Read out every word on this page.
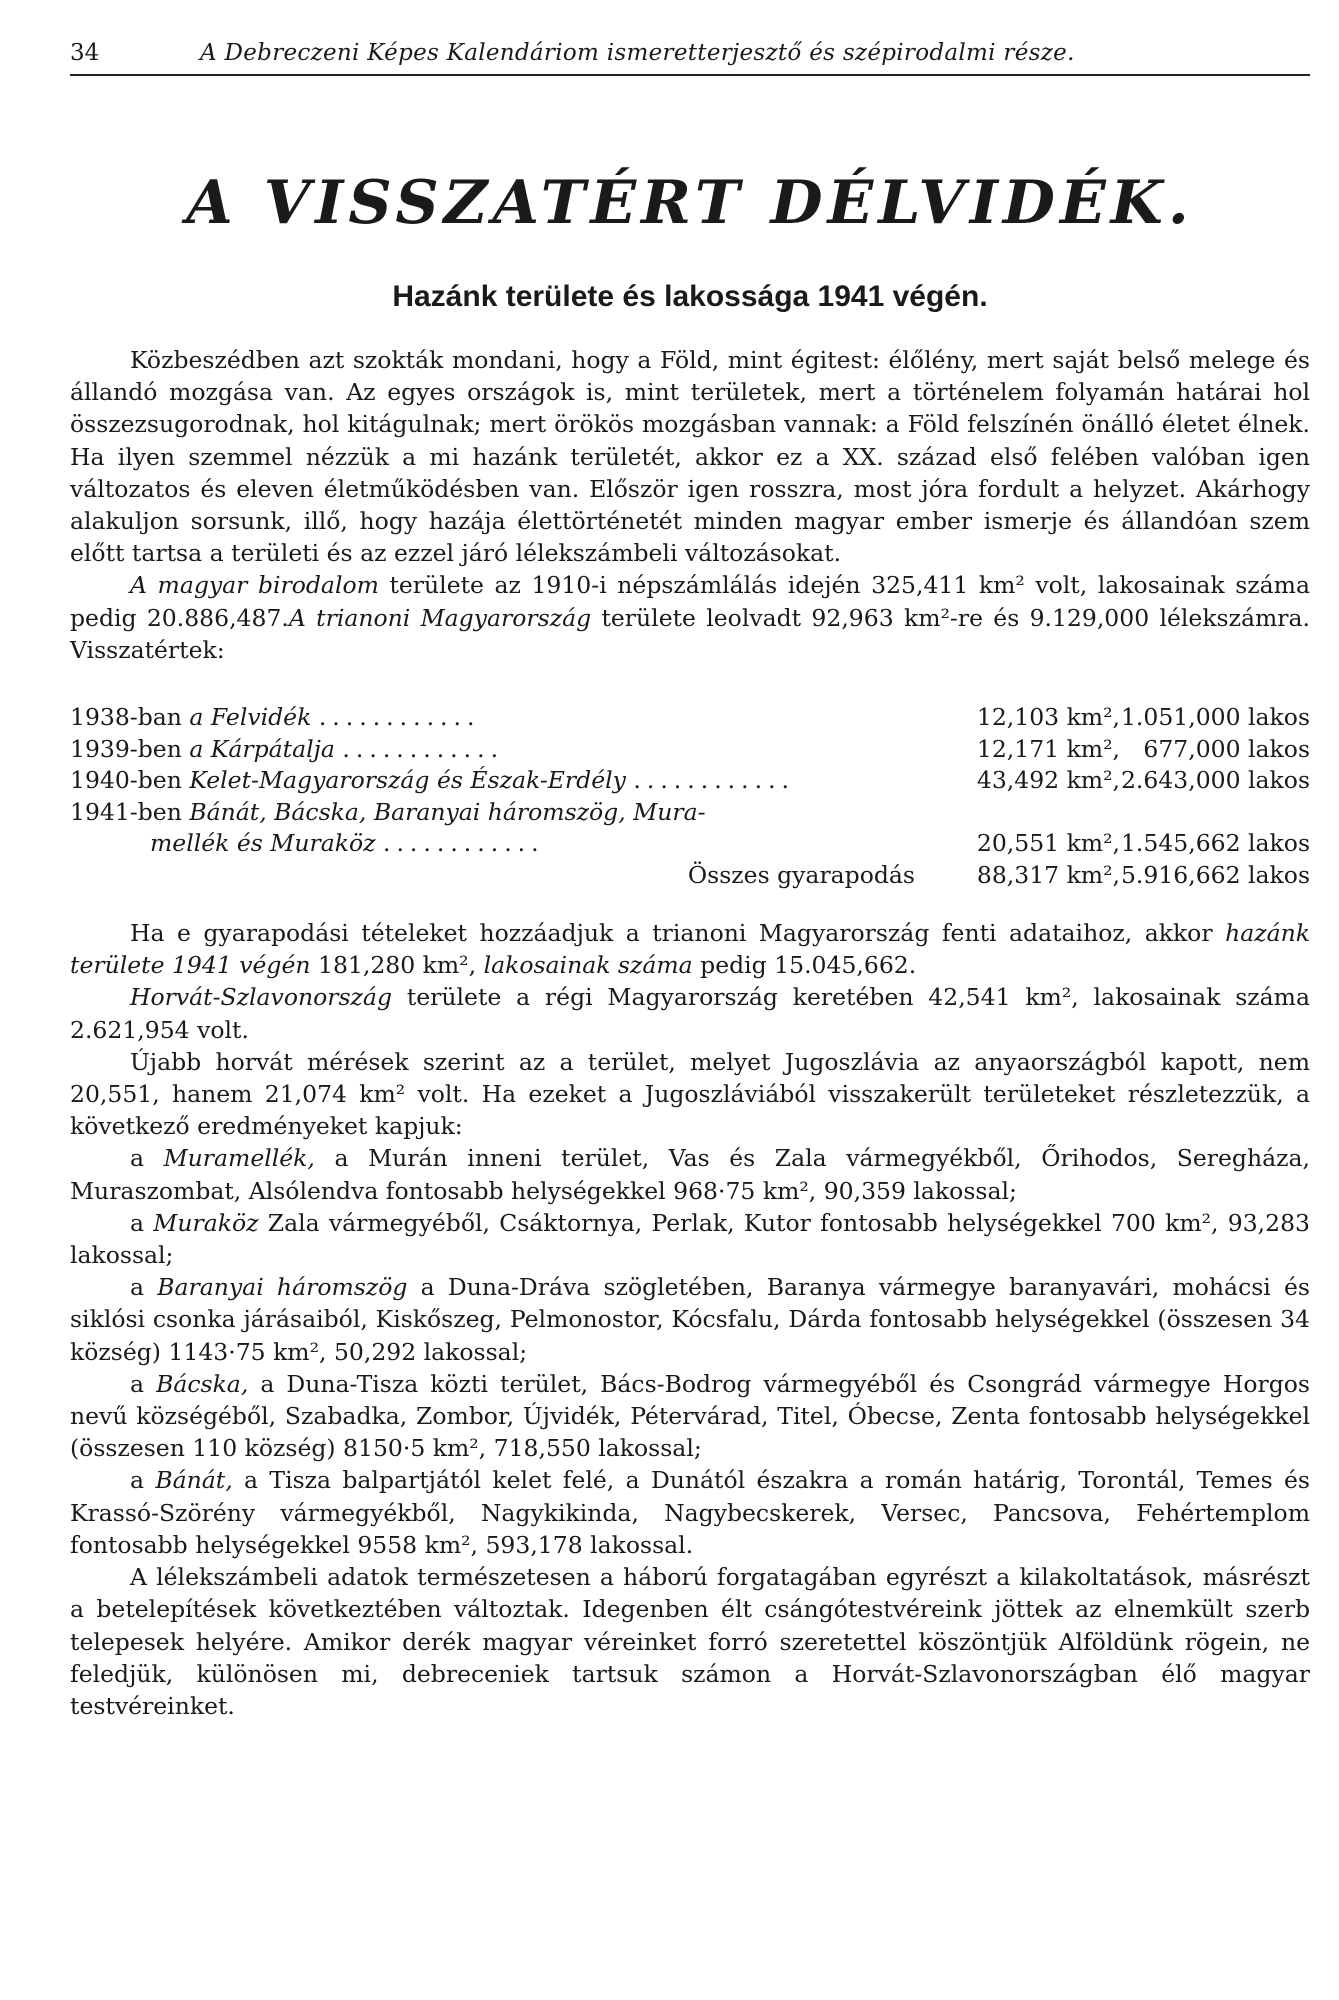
34	A Debreczeni Képes Kalendáriom ismeretterjesztő és szépirodalmi része.
A VISSZATÉRT DÉLVIDÉK.
Hazánk területe és lakossága 1941 végén.

Közbeszédben azt szokták mondani, hogy a Föld, mint égitest: élőlény, mert saját belső melege és állandó mozgása van. Az egyes országok is, mint területek, mert a történelem folyamán határai hol összezsugorodnak, hol kitágulnak; mert örökös mozgásban vannak: a Föld felszínén önálló életet élnek. Ha ilyen szemmel nézzük a mi hazánk területét, akkor ez a XX. század első felében valóban igen változatos és eleven életműködésben van. Először igen rosszra, most jóra fordult a helyzet. Akárhogy alakuljon sorsunk, illő, hogy hazája élettörténetét minden magyar ember ismerje és állandóan szem előtt tartsa a területi és az ezzel járó lélekszámbeli változásokat.

A magyar birodalom területe az 1910-i népszámlálás idején 325,411 km² volt, lakosainak száma pedig 20.886,487.A trianoni Magyarország területe leolvadt 92,963 km²-re és 9.129,000 lélekszámra. Visszatértek:

1938-ban a Felvidék ............	12,103 km², 1.051,000 lakos
1939-ben a Kárpátalja ............	12,171 km², 677,000 lakos
1940-ben Kelet-Magyarország és Észak-Erdély ............	43,492 km², 2.643,000 lakos
1941-ben Bánát, Bácska, Baranyai háromszög, Mura-
mellék és Muraköz ............	20,551 km², 1.545,662 lakos
Összes gyarapodás	88,317 km², 5.916,662 lakos

Ha e gyarapodási tételeket hozzáadjuk a trianoni Magyarország fenti adataihoz, akkor hazánk területe 1941 végén 181,280 km², lakosainak száma pedig 15.045,662.

Horvát-Szlavonország területe a régi Magyarország keretében 42,541 km², lakosainak száma 2.621,954 volt.

Újabb horvát mérések szerint az a terület, melyet Jugoszlávia az anyaországból kapott, nem 20,551, hanem 21,074 km² volt. Ha ezeket a Jugoszláviából visszakerült területeket részletezzük, a következő eredményeket kapjuk:

a Muramellék, a Murán inneni terület, Vas és Zala vármegyékből, Őrihodos, Seregháza, Muraszombat, Alsólendva fontosabb helységekkel 968·75 km², 90,359 lakossal;

a Muraköz Zala vármegyéből, Csáktornya, Perlak, Kutor fontosabb helységekkel 700 km², 93,283 lakossal;

a Baranyai háromszög a Duna-Dráva szögletében, Baranya vármegye baranyavári, mohácsi és siklósi csonka járásaiból, Kiskőszeg, Pelmonostor, Kócsfalu, Dárda fontosabb helységekkel (összesen 34 község) 1143·75 km², 50,292 lakossal;

a Bácska, a Duna-Tisza közti terület, Bács-Bodrog vármegyéből és Csongrád vármegye Horgos nevű községéből, Szabadka, Zombor, Újvidék, Pétervárad, Titel, Óbecse, Zenta fontosabb helységekkel (összesen 110 község) 8150·5 km², 718,550 lakossal;

a Bánát, a Tisza balpartjától kelet felé, a Dunától északra a román határig, Torontál, Temes és Krassó-Szörény vármegyékből, Nagykikinda, Nagybecskerek, Versec, Pancsova, Fehértemplom fontosabb helységekkel 9558 km², 593,178 lakossal.

A lélekszámbeli adatok természetesen a háború forgatagában egyrészt a kilakoltatások, másrészt a betelepítések következtében változtak. Idegenben élt csángótestvéreink jöttek az elnemkült szerb telepesek helyére. Amikor derék magyar véreinket forró szeretettel köszöntjük Alföldünk rögein, ne feledjük, különösen mi, debreceniek tartsuk számon a Horvát-Szlavonországban élő magyar testvéreinket.
